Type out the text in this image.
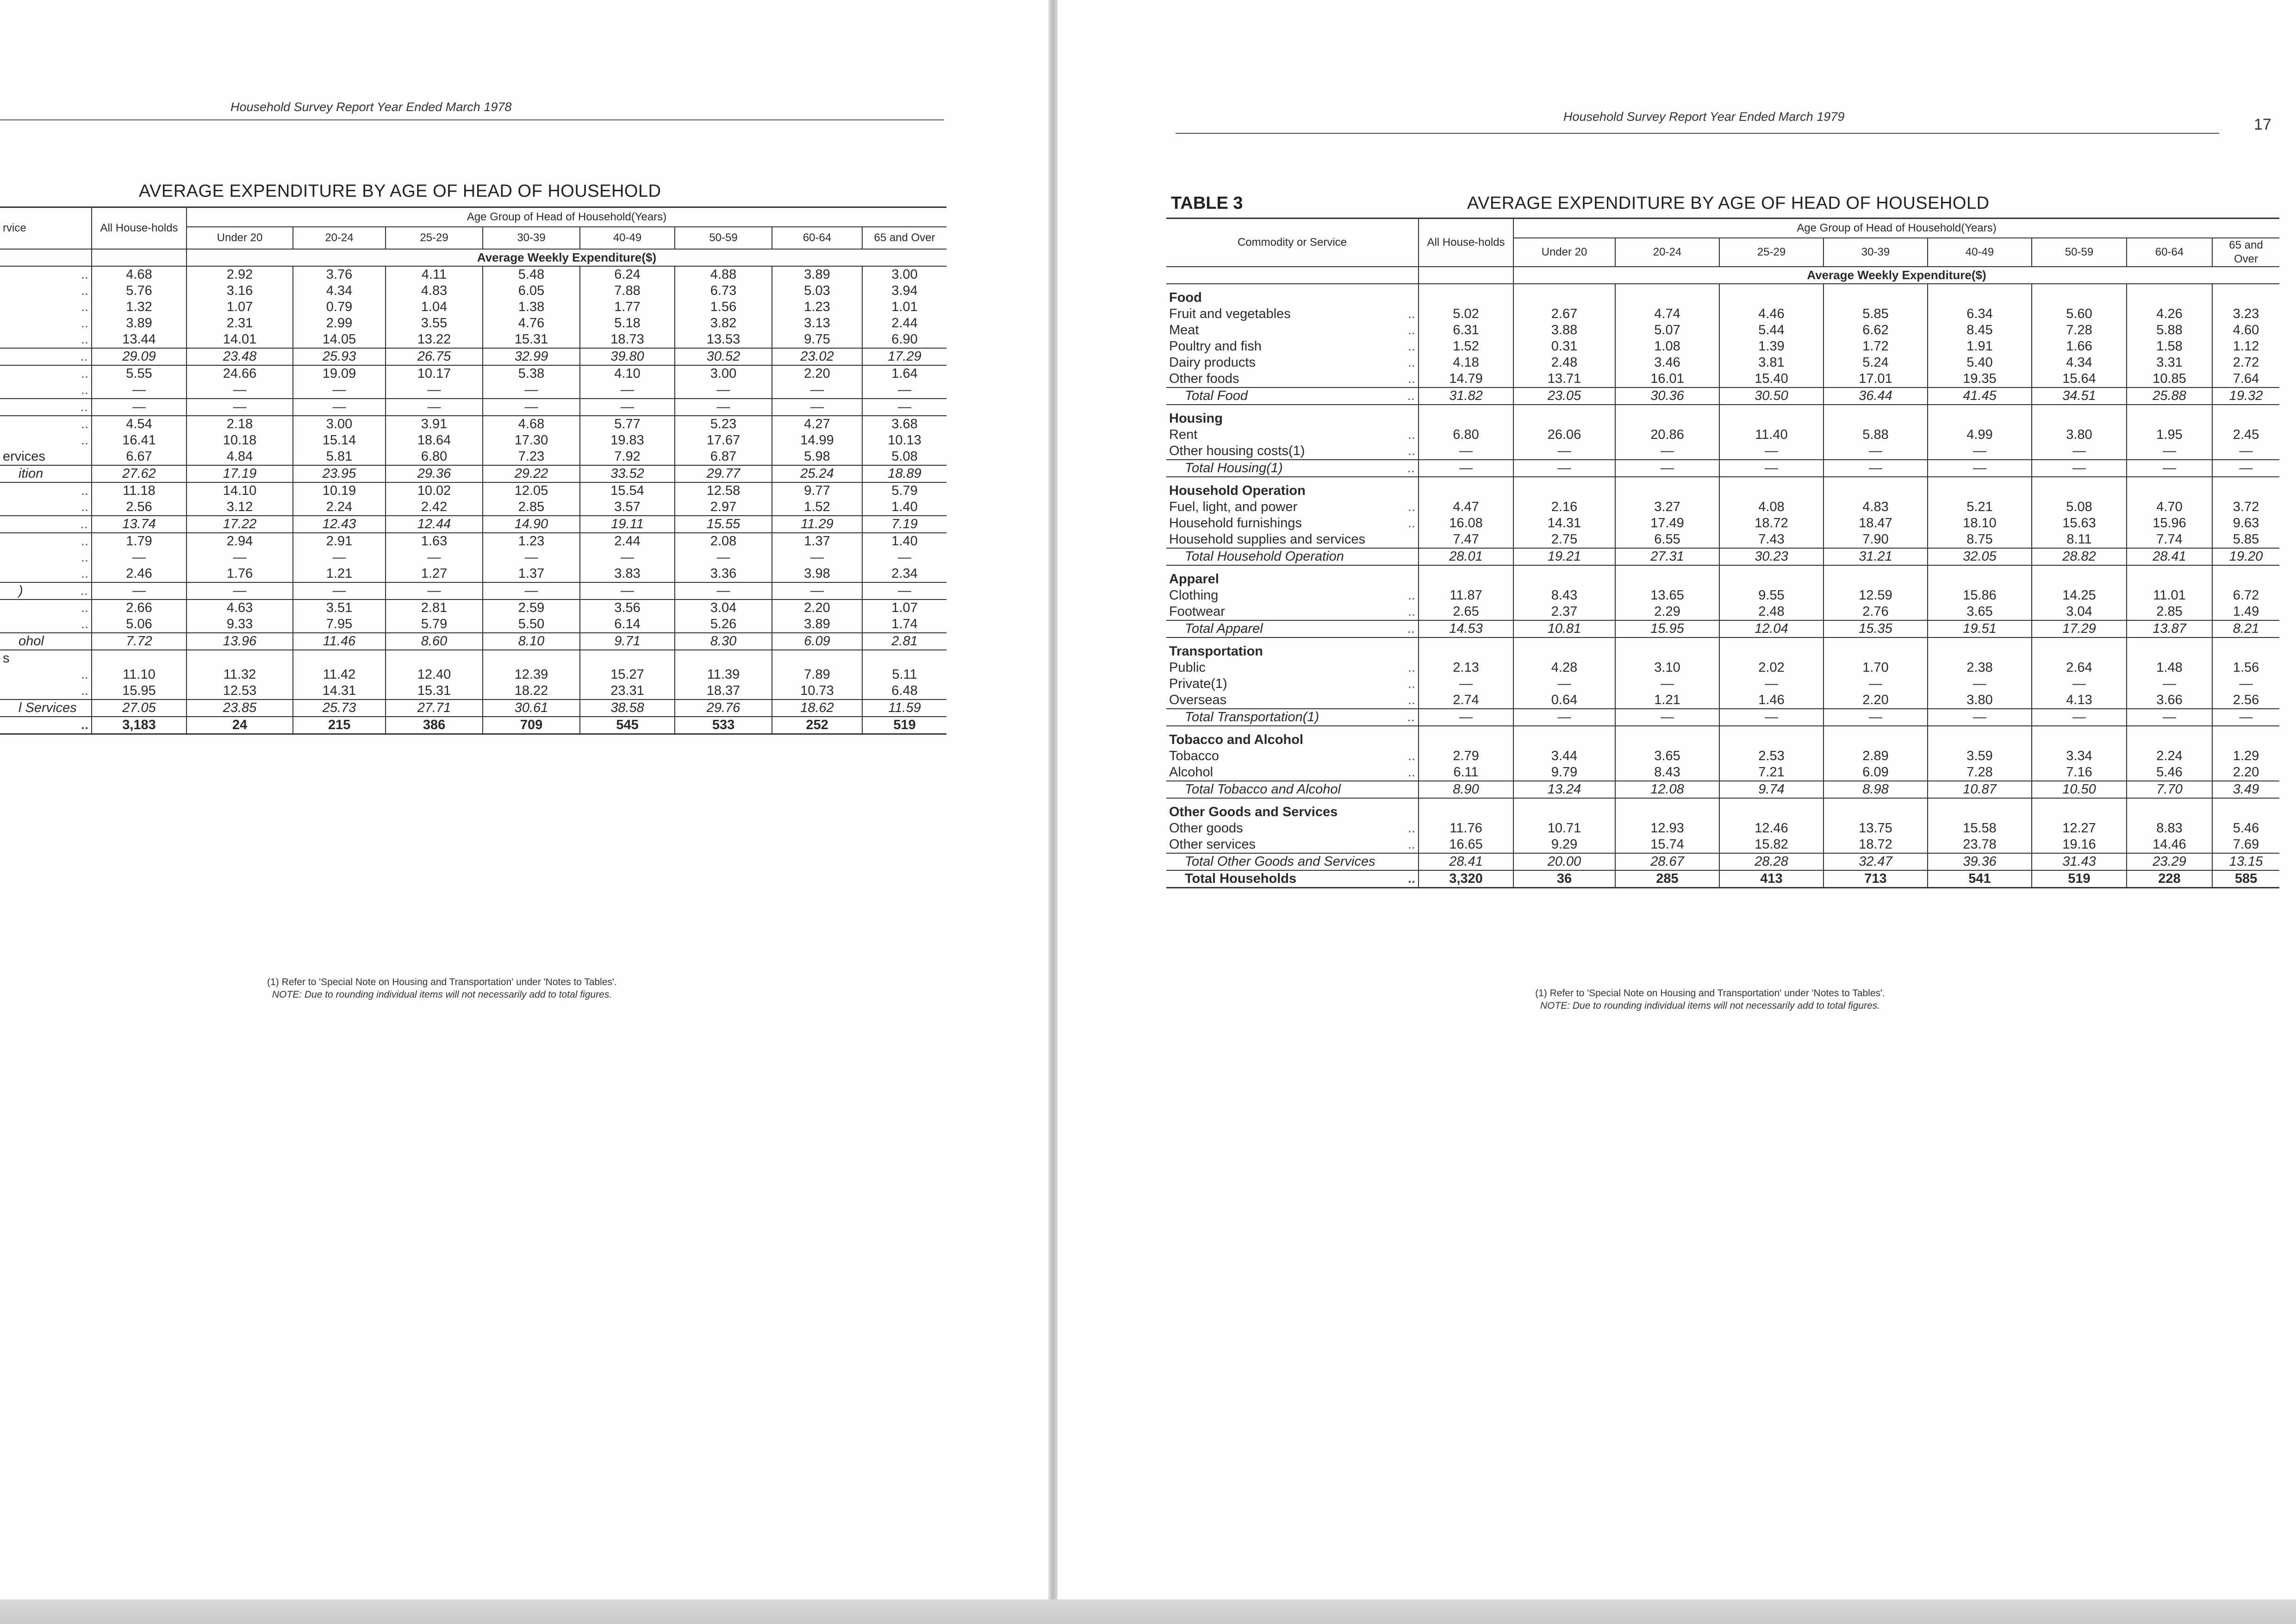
Household Survey Report Year Ended March 1978
AVERAGE EXPENDITURE BY AGE OF HEAD OF HOUSEHOLD
rvice		All House-holds	Age Group of Head of Household(Years)							
			Under 20	20-24	25-29	30-39	40-49	50-59	60-64	65 and Over
			Average Weekly Expenditure($)							

	..	4.68	2.92	3.76	4.11	5.48	6.24	4.88	3.89	3.00
	..	5.76	3.16	4.34	4.83	6.05	7.88	6.73	5.03	3.94
	..	1.32	1.07	0.79	1.04	1.38	1.77	1.56	1.23	1.01
	..	3.89	2.31	2.99	3.55	4.76	5.18	3.82	3.13	2.44
	..	13.44	14.01	14.05	13.22	15.31	18.73	13.53	9.75	6.90

	..	29.09	23.48	25.93	26.75	32.99	39.80	30.52	23.02	17.29

	..	5.55	24.66	19.09	10.17	5.38	4.10	3.00	2.20	1.64
	..	—	—	—	—	—	—	—	—	—

	..	—	—	—	—	—	—	—	—	—

	..	4.54	2.18	3.00	3.91	4.68	5.77	5.23	4.27	3.68
	..	16.41	10.18	15.14	18.64	17.30	19.83	17.67	14.99	10.13
ervices		6.67	4.84	5.81	6.80	7.23	7.92	6.87	5.98	5.08

ition		27.62	17.19	23.95	29.36	29.22	33.52	29.77	25.24	18.89

	..	11.18	14.10	10.19	10.02	12.05	15.54	12.58	9.77	5.79
	..	2.56	3.12	2.24	2.42	2.85	3.57	2.97	1.52	1.40

	..	13.74	17.22	12.43	12.44	14.90	19.11	15.55	11.29	7.19

	..	1.79	2.94	2.91	1.63	1.23	2.44	2.08	1.37	1.40
	..	—	—	—	—	—	—	—	—	—
	..	2.46	1.76	1.21	1.27	1.37	3.83	3.36	3.98	2.34

)	..	—	—	—	—	—	—	—	—	—

	..	2.66	4.63	3.51	2.81	2.59	3.56	3.04	2.20	1.07
	..	5.06	9.33	7.95	5.79	5.50	6.14	5.26	3.89	1.74

ohol		7.72	13.96	11.46	8.60	8.10	9.71	8.30	6.09	2.81

s										
	..	11.10	11.32	11.42	12.40	12.39	15.27	11.39	7.89	5.11
	..	15.95	12.53	14.31	15.31	18.22	23.31	18.37	10.73	6.48

l Services		27.05	23.85	25.73	27.71	30.61	38.58	29.76	18.62	11.59
	..	3,183	24	215	386	709	545	533	252	519
(1) Refer to 'Special Note on Housing and Transportation' under 'Notes to Tables'.
NOTE: Due to rounding individual items will not necessarily add to total figures.
Household Survey Report Year Ended March 1979	17
TABLE 3	AVERAGE EXPENDITURE BY AGE OF HEAD OF HOUSEHOLD
Commodity or Service		All House-holds	Age Group of Head of Household(Years)							
			Under 20	20-24	25-29	30-39	40-49	50-59	60-64	65 and Over
			Average Weekly Expenditure($)							

Food										
Fruit and vegetables	..	5.02	2.67	4.74	4.46	5.85	6.34	5.60	4.26	3.23
Meat	..	6.31	3.88	5.07	5.44	6.62	8.45	7.28	5.88	4.60
Poultry and fish	..	1.52	0.31	1.08	1.39	1.72	1.91	1.66	1.58	1.12
Dairy products	..	4.18	2.48	3.46	3.81	5.24	5.40	4.34	3.31	2.72
Other foods	..	14.79	13.71	16.01	15.40	17.01	19.35	15.64	10.85	7.64

Total Food	..	31.82	23.05	30.36	30.50	36.44	41.45	34.51	25.88	19.32

Housing										
Rent	..	6.80	26.06	20.86	11.40	5.88	4.99	3.80	1.95	2.45
Other housing costs(1)	..	—	—	—	—	—	—	—	—	—

Total Housing(1)	..	—	—	—	—	—	—	—	—	—

Household Operation										
Fuel, light, and power	..	4.47	2.16	3.27	4.08	4.83	5.21	5.08	4.70	3.72
Household furnishings	..	16.08	14.31	17.49	18.72	18.47	18.10	15.63	15.96	9.63
Household supplies and services		7.47	2.75	6.55	7.43	7.90	8.75	8.11	7.74	5.85

Total Household Operation		28.01	19.21	27.31	30.23	31.21	32.05	28.82	28.41	19.20

Apparel										
Clothing	..	11.87	8.43	13.65	9.55	12.59	15.86	14.25	11.01	6.72
Footwear	..	2.65	2.37	2.29	2.48	2.76	3.65	3.04	2.85	1.49

Total Apparel	..	14.53	10.81	15.95	12.04	15.35	19.51	17.29	13.87	8.21

Transportation										
Public	..	2.13	4.28	3.10	2.02	1.70	2.38	2.64	1.48	1.56
Private(1)	..	—	—	—	—	—	—	—	—	—
Overseas	..	2.74	0.64	1.21	1.46	2.20	3.80	4.13	3.66	2.56

Total Transportation(1)	..	—	—	—	—	—	—	—	—	—

Tobacco and Alcohol										
Tobacco	..	2.79	3.44	3.65	2.53	2.89	3.59	3.34	2.24	1.29
Alcohol	..	6.11	9.79	8.43	7.21	6.09	7.28	7.16	5.46	2.20

Total Tobacco and Alcohol		8.90	13.24	12.08	9.74	8.98	10.87	10.50	7.70	3.49

Other Goods and Services										
Other goods	..	11.76	10.71	12.93	12.46	13.75	15.58	12.27	8.83	5.46
Other services	..	16.65	9.29	15.74	15.82	18.72	23.78	19.16	14.46	7.69

Total Other Goods and Services		28.41	20.00	28.67	28.28	32.47	39.36	31.43	23.29	13.15
Total Households	..	3,320	36	285	413	713	541	519	228	585
(1) Refer to 'Special Note on Housing and Transportation' under 'Notes to Tables'.
NOTE: Due to rounding individual items will not necessarily add to total figures.
